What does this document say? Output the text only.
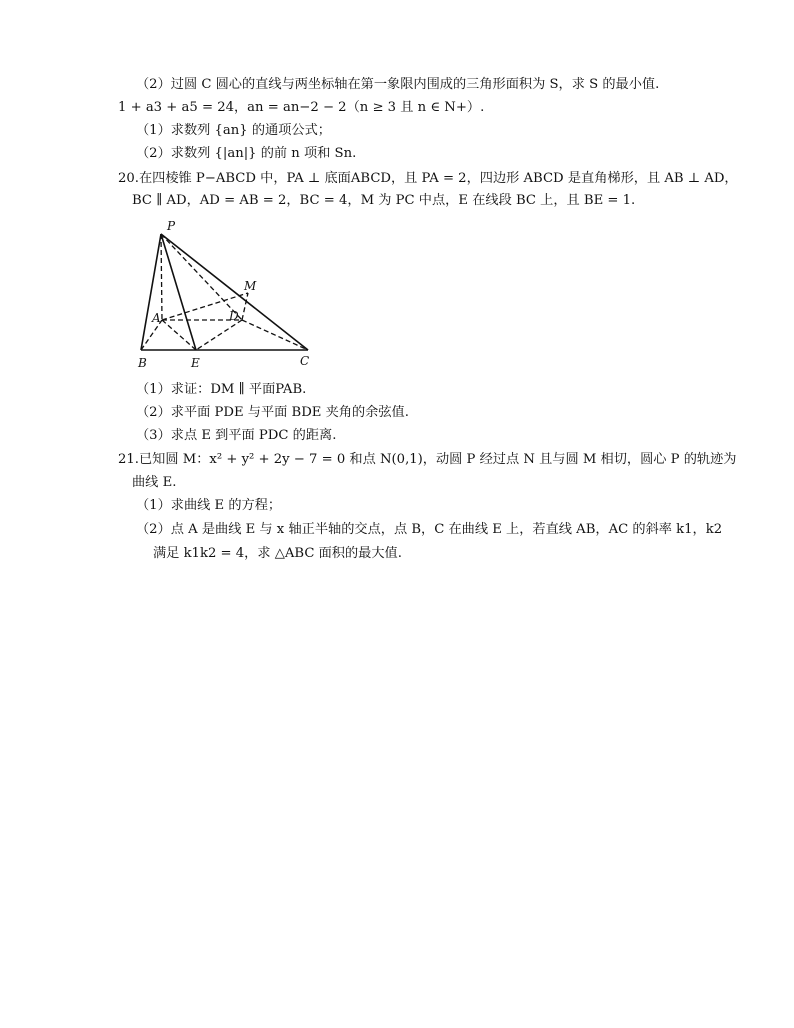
（2）过圆 C 圆心的直线与两坐标轴在第一象限内围成的三角形面积为 S，求 S 的最小值.
1 + a3 + a5 = 24，an = an−2 − 2（n ≥ 3 且 n ∈ N+）.
（1）求数列 {an} 的通项公式；
（2）求数列 {|an|} 的前 n 项和 Sn.
20.在四棱锥 P−ABCD 中，PA ⊥ 底面ABCD，且 PA = 2，四边形 ABCD 是直角梯形，且 AB ⊥ AD，
BC ∥ AD，AD = AB = 2，BC = 4，M 为 PC 中点，E 在线段 BC 上，且 BE = 1.
P
M
A	D
B	E	C
（1）求证：DM ∥ 平面PAB.
（2）求平面 PDE 与平面 BDE 夹角的余弦值.
（3）求点 E 到平面 PDC 的距离.
21.已知圆 M：x² + y² + 2y − 7 = 0 和点 N(0,1)，动圆 P 经过点 N 且与圆 M 相切，圆心 P 的轨迹为
曲线 E.
（1）求曲线 E 的方程；
（2）点 A 是曲线 E 与 x 轴正半轴的交点，点 B，C 在曲线 E 上，若直线 AB，AC 的斜率 k1，k2
满足 k1k2 = 4，求 △ABC 面积的最大值.
